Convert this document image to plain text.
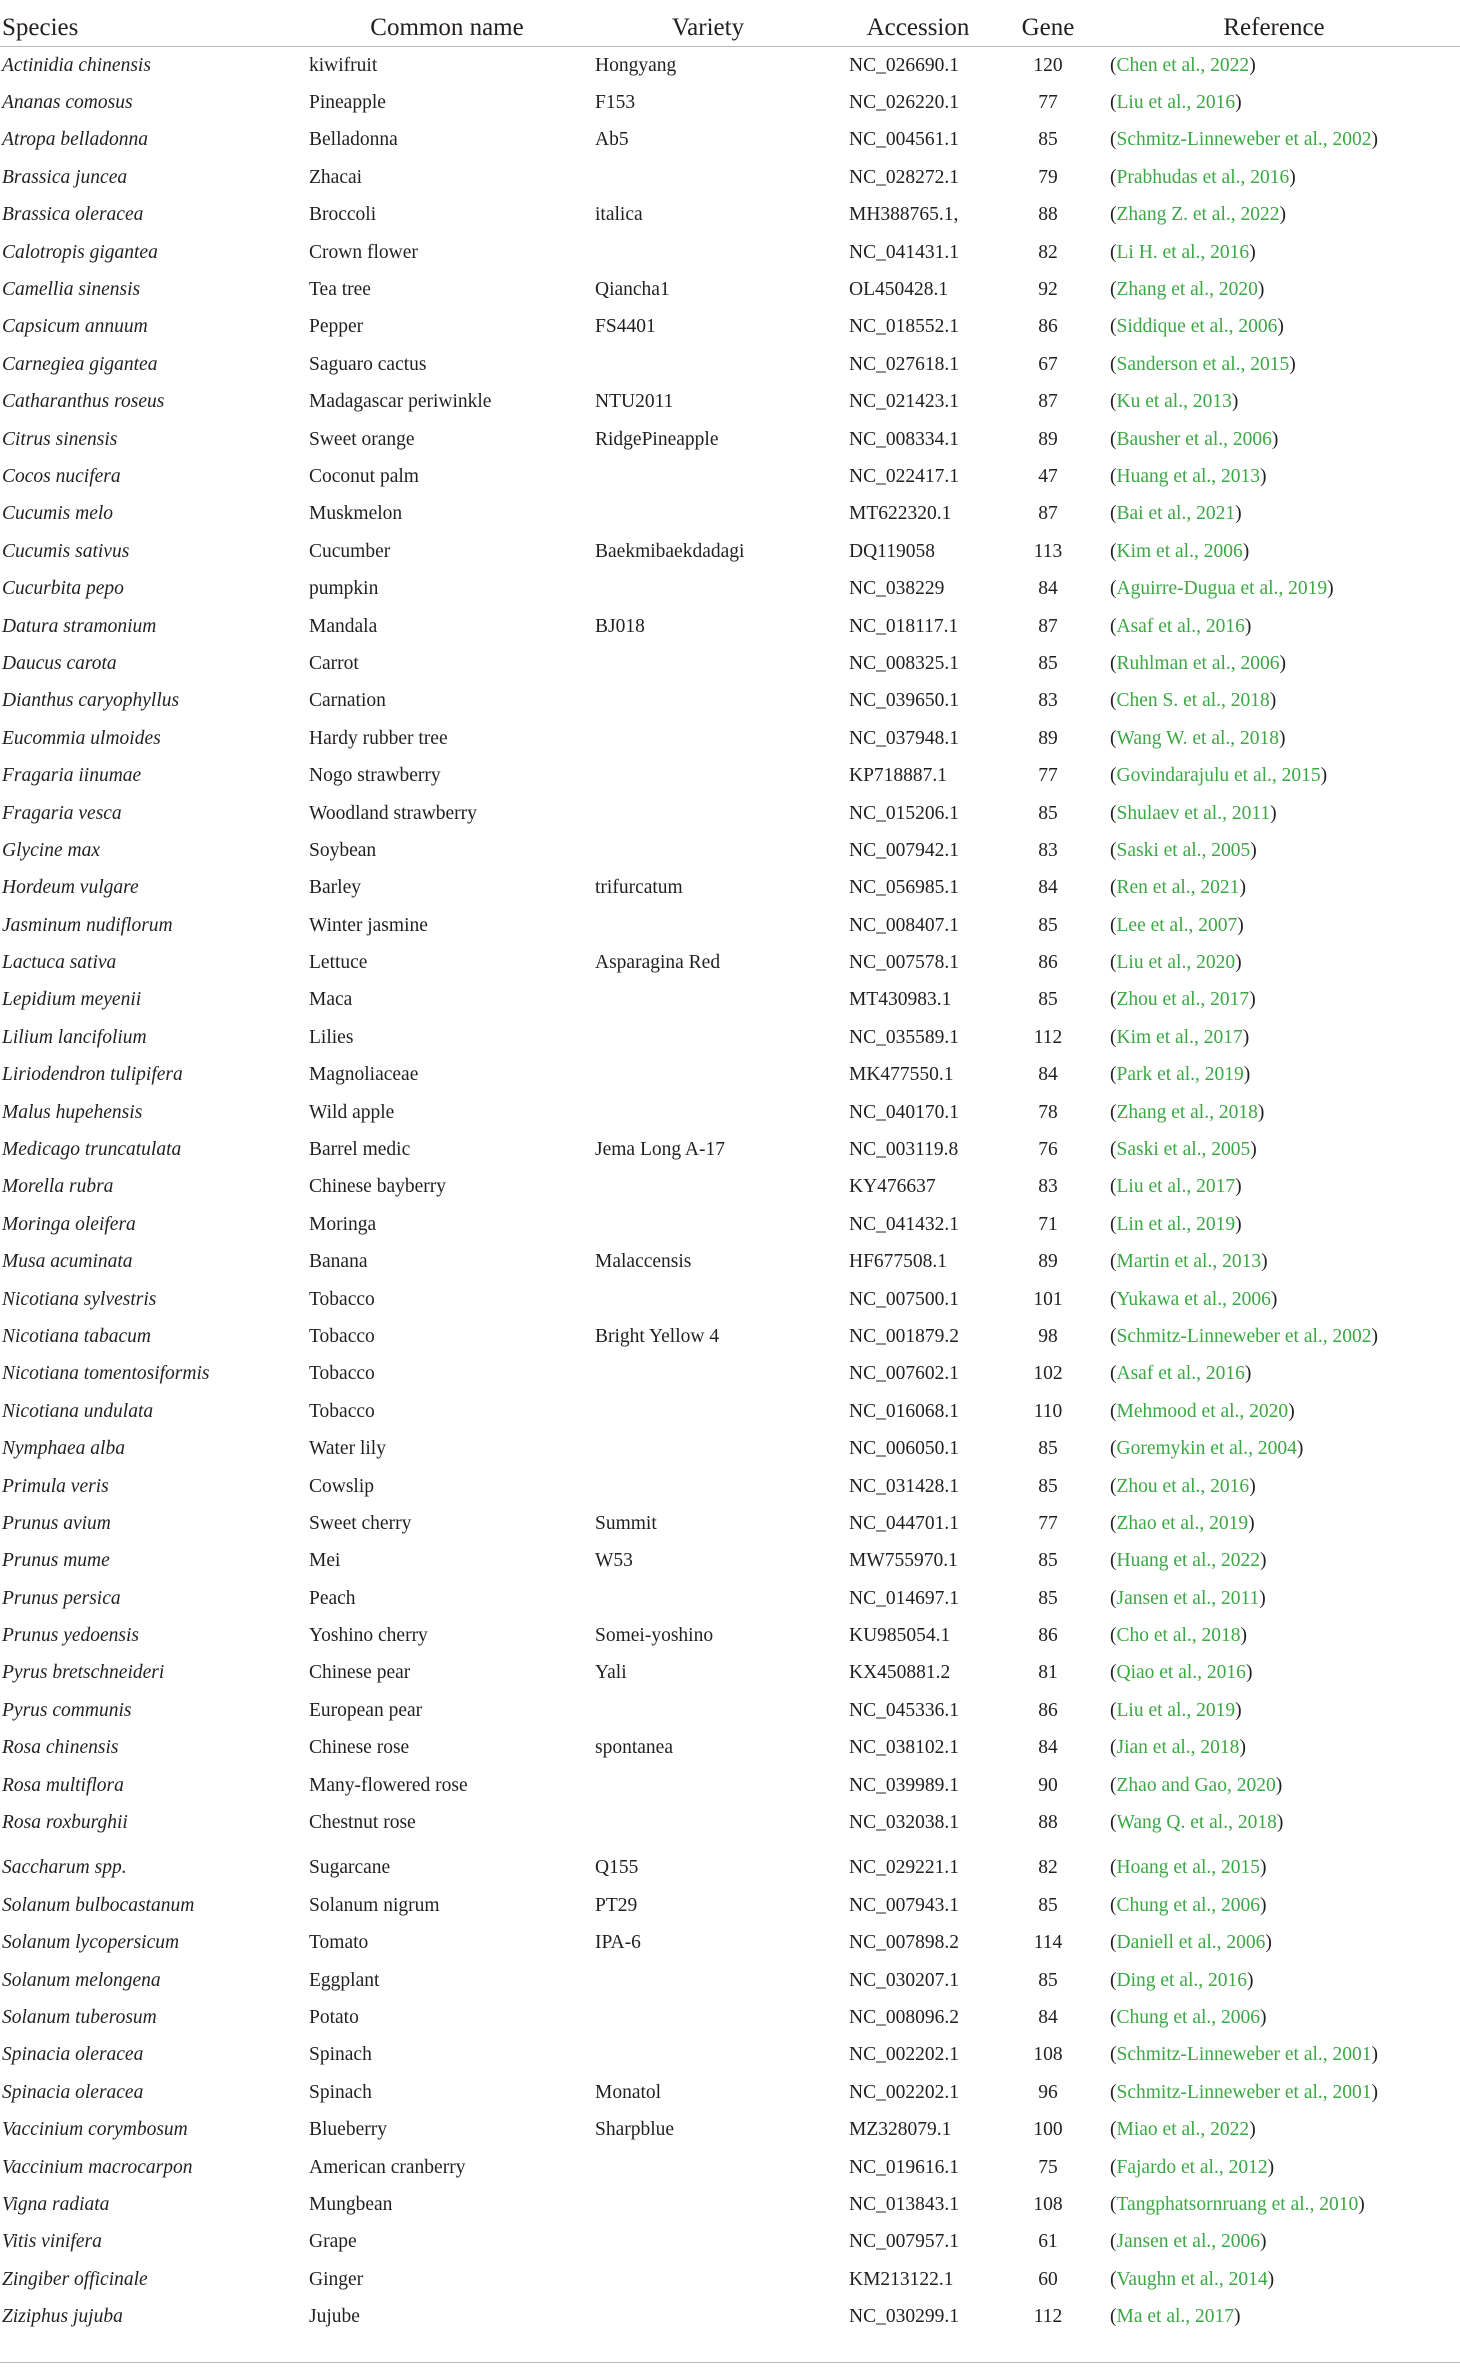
Species	Common name	Variety	Accession	Gene	Reference
Actinidia chinensis	kiwifruit	Hongyang	NC_026690.1	120	(Chen et al., 2022)
Ananas comosus	Pineapple	F153	NC_026220.1	77	(Liu et al., 2016)
Atropa belladonna	Belladonna	Ab5	NC_004561.1	85	(Schmitz-Linneweber et al., 2002)
Brassica juncea	Zhacai		NC_028272.1	79	(Prabhudas et al., 2016)
Brassica oleracea	Broccoli	italica	MH388765.1,	88	(Zhang Z. et al., 2022)
Calotropis gigantea	Crown flower		NC_041431.1	82	(Li H. et al., 2016)
Camellia sinensis	Tea tree	Qiancha1	OL450428.1	92	(Zhang et al., 2020)
Capsicum annuum	Pepper	FS4401	NC_018552.1	86	(Siddique et al., 2006)
Carnegiea gigantea	Saguaro cactus		NC_027618.1	67	(Sanderson et al., 2015)
Catharanthus roseus	Madagascar periwinkle	NTU2011	NC_021423.1	87	(Ku et al., 2013)
Citrus sinensis	Sweet orange	RidgePineapple	NC_008334.1	89	(Bausher et al., 2006)
Cocos nucifera	Coconut palm		NC_022417.1	47	(Huang et al., 2013)
Cucumis melo	Muskmelon		MT622320.1	87	(Bai et al., 2021)
Cucumis sativus	Cucumber	Baekmibaekdadagi	DQ119058	113	(Kim et al., 2006)
Cucurbita pepo	pumpkin		NC_038229	84	(Aguirre-Dugua et al., 2019)
Datura stramonium	Mandala	BJ018	NC_018117.1	87	(Asaf et al., 2016)
Daucus carota	Carrot		NC_008325.1	85	(Ruhlman et al., 2006)
Dianthus caryophyllus	Carnation		NC_039650.1	83	(Chen S. et al., 2018)
Eucommia ulmoides	Hardy rubber tree		NC_037948.1	89	(Wang W. et al., 2018)
Fragaria iinumae	Nogo strawberry		KP718887.1	77	(Govindarajulu et al., 2015)
Fragaria vesca	Woodland strawberry		NC_015206.1	85	(Shulaev et al., 2011)
Glycine max	Soybean		NC_007942.1	83	(Saski et al., 2005)
Hordeum vulgare	Barley	trifurcatum	NC_056985.1	84	(Ren et al., 2021)
Jasminum nudiflorum	Winter jasmine		NC_008407.1	85	(Lee et al., 2007)
Lactuca sativa	Lettuce	Asparagina Red	NC_007578.1	86	(Liu et al., 2020)
Lepidium meyenii	Maca		MT430983.1	85	(Zhou et al., 2017)
Lilium lancifolium	Lilies		NC_035589.1	112	(Kim et al., 2017)
Liriodendron tulipifera	Magnoliaceae		MK477550.1	84	(Park et al., 2019)
Malus hupehensis	Wild apple		NC_040170.1	78	(Zhang et al., 2018)
Medicago truncatulata	Barrel medic	Jema Long A-17	NC_003119.8	76	(Saski et al., 2005)
Morella rubra	Chinese bayberry		KY476637	83	(Liu et al., 2017)
Moringa oleifera	Moringa		NC_041432.1	71	(Lin et al., 2019)
Musa acuminata	Banana	Malaccensis	HF677508.1	89	(Martin et al., 2013)
Nicotiana sylvestris	Tobacco		NC_007500.1	101	(Yukawa et al., 2006)
Nicotiana tabacum	Tobacco	Bright Yellow 4	NC_001879.2	98	(Schmitz-Linneweber et al., 2002)
Nicotiana tomentosiformis	Tobacco		NC_007602.1	102	(Asaf et al., 2016)
Nicotiana undulata	Tobacco		NC_016068.1	110	(Mehmood et al., 2020)
Nymphaea alba	Water lily		NC_006050.1	85	(Goremykin et al., 2004)
Primula veris	Cowslip		NC_031428.1	85	(Zhou et al., 2016)
Prunus avium	Sweet cherry	Summit	NC_044701.1	77	(Zhao et al., 2019)
Prunus mume	Mei	W53	MW755970.1	85	(Huang et al., 2022)
Prunus persica	Peach		NC_014697.1	85	(Jansen et al., 2011)
Prunus yedoensis	Yoshino cherry	Somei-yoshino	KU985054.1	86	(Cho et al., 2018)
Pyrus bretschneideri	Chinese pear	Yali	KX450881.2	81	(Qiao et al., 2016)
Pyrus communis	European pear		NC_045336.1	86	(Liu et al., 2019)
Rosa chinensis	Chinese rose	spontanea	NC_038102.1	84	(Jian et al., 2018)
Rosa multiflora	Many-flowered rose		NC_039989.1	90	(Zhao and Gao, 2020)
Rosa roxburghii	Chestnut rose		NC_032038.1	88	(Wang Q. et al., 2018)
Saccharum spp.	Sugarcane	Q155	NC_029221.1	82	(Hoang et al., 2015)
Solanum bulbocastanum	Solanum nigrum	PT29	NC_007943.1	85	(Chung et al., 2006)
Solanum lycopersicum	Tomato	IPA-6	NC_007898.2	114	(Daniell et al., 2006)
Solanum melongena	Eggplant		NC_030207.1	85	(Ding et al., 2016)
Solanum tuberosum	Potato		NC_008096.2	84	(Chung et al., 2006)
Spinacia oleracea	Spinach		NC_002202.1	108	(Schmitz-Linneweber et al., 2001)
Spinacia oleracea	Spinach	Monatol	NC_002202.1	96	(Schmitz-Linneweber et al., 2001)
Vaccinium corymbosum	Blueberry	Sharpblue	MZ328079.1	100	(Miao et al., 2022)
Vaccinium macrocarpon	American cranberry		NC_019616.1	75	(Fajardo et al., 2012)
Vigna radiata	Mungbean		NC_013843.1	108	(Tangphatsornruang et al., 2010)
Vitis vinifera	Grape		NC_007957.1	61	(Jansen et al., 2006)
Zingiber officinale	Ginger		KM213122.1	60	(Vaughn et al., 2014)
Ziziphus jujuba	Jujube		NC_030299.1	112	(Ma et al., 2017)
